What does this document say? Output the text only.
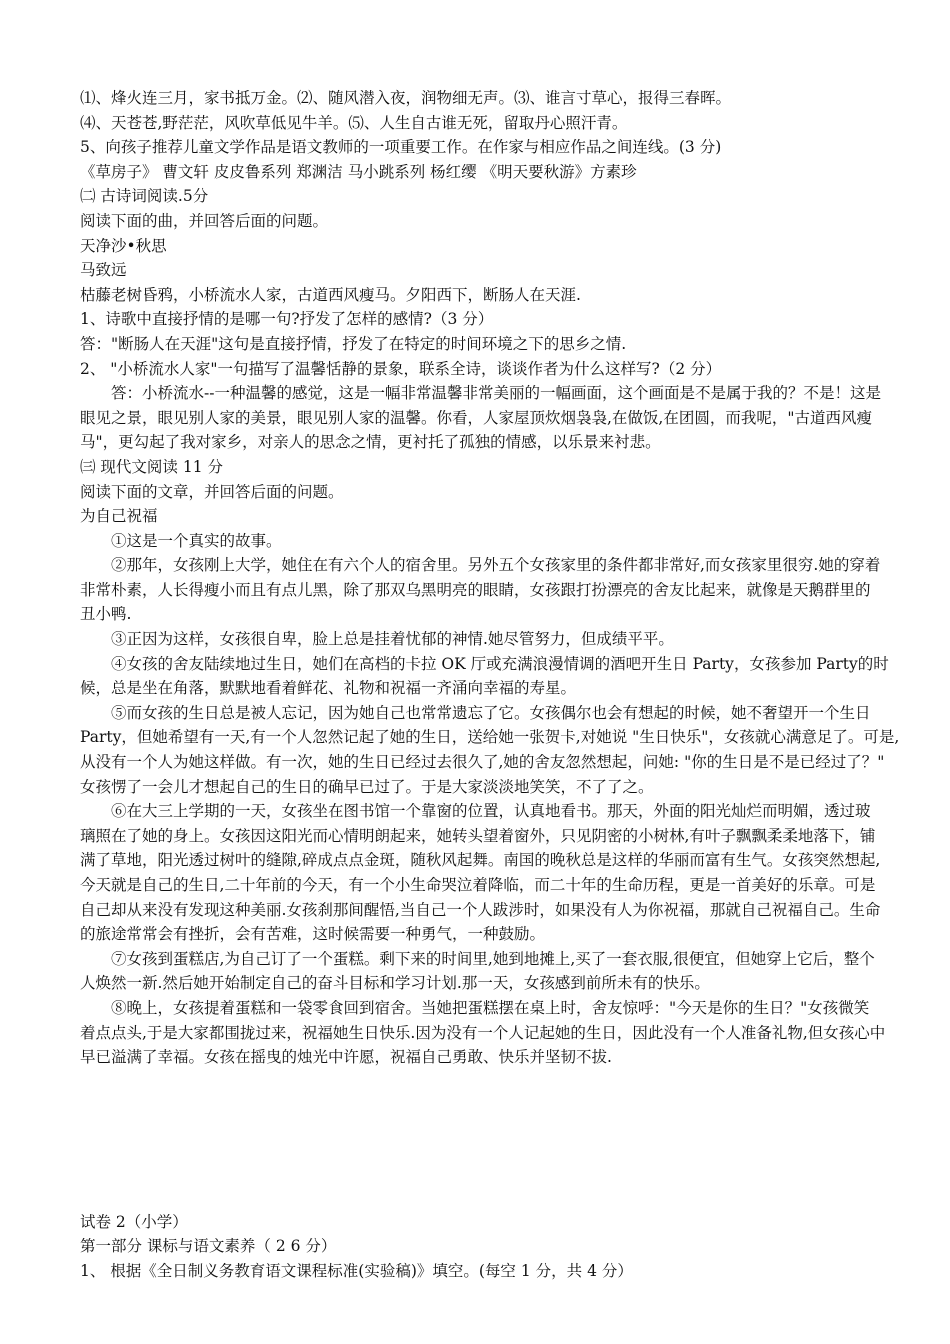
⑴、烽火连三月，家书抵万金。⑵、随风潜入夜，润物细无声。⑶、谁言寸草心，报得三春晖。

⑷、天苍苍,野茫茫，风吹草低见牛羊。⑸、人生自古谁无死，留取丹心照汗青。

5、向孩子推荐儿童文学作品是语文教师的一项重要工作。在作家与相应作品之间连线。(3 分)

《草房子》 曹文轩 皮皮鲁系列 郑渊洁 马小跳系列 杨红缨 《明天要秋游》方素珍

㈡ 古诗词阅读.5分

阅读下面的曲，并回答后面的问题。

天净沙•秋思

马致远

枯藤老树昏鸦，小桥流水人家，古道西风瘦马。夕阳西下，断肠人在天涯.

1、诗歌中直接抒情的是哪一句?抒发了怎样的感情?（3 分）

答："断肠人在天涯"这句是直接抒情，抒发了在特定的时间环境之下的思乡之情.

2、 "小桥流水人家"一句描写了温馨恬静的景象，联系全诗，谈谈作者为什么这样写?（2 分）

答：小桥流水--一种温馨的感觉，这是一幅非常温馨非常美丽的一幅画面，这个画面是不是属于我的？不是！这是

眼见之景，眼见别人家的美景，眼见别人家的温馨。你看，人家屋顶炊烟袅袅,在做饭,在团圆，而我呢，"古道西风瘦

马"，更勾起了我对家乡，对亲人的思念之情，更衬托了孤独的情感，以乐景来衬悲。

㈢ 现代文阅读 11 分

阅读下面的文章，并回答后面的问题。

为自己祝福

①这是一个真实的故事。

②那年，女孩刚上大学，她住在有六个人的宿舍里。另外五个女孩家里的条件都非常好,而女孩家里很穷.她的穿着

非常朴素，人长得瘦小而且有点儿黑，除了那双乌黑明亮的眼睛，女孩跟打扮漂亮的舍友比起来，就像是天鹅群里的

丑小鸭.

③正因为这样，女孩很自卑，脸上总是挂着忧郁的神情.她尽管努力，但成绩平平。

④女孩的舍友陆续地过生日，她们在高档的卡拉 OK 厅或充满浪漫情调的酒吧开生日 Party，女孩参加 Party的时

候，总是坐在角落，默默地看着鲜花、礼物和祝福一齐涌向幸福的寿星。

⑤而女孩的生日总是被人忘记，因为她自己也常常遗忘了它。女孩偶尔也会有想起的时候，她不奢望开一个生日

Party，但她希望有一天,有一个人忽然记起了她的生日，送给她一张贺卡,对她说 "生日快乐"，女孩就心满意足了。可是,

从没有一个人为她这样做。有一次，她的生日已经过去很久了,她的舍友忽然想起，问她: "你的生日是不是已经过了？"

女孩愣了一会儿才想起自己的生日的确早已过了。于是大家淡淡地笑笑，不了了之。

⑥在大三上学期的一天，女孩坐在图书馆一个靠窗的位置，认真地看书。那天，外面的阳光灿烂而明媚，透过玻

璃照在了她的身上。女孩因这阳光而心情明朗起来，她转头望着窗外，只见阴密的小树林,有叶子飘飘柔柔地落下，铺

满了草地，阳光透过树叶的缝隙,碎成点点金斑，随秋风起舞。南国的晚秋总是这样的华丽而富有生气。女孩突然想起,

今天就是自己的生日,二十年前的今天，有一个小生命哭泣着降临，而二十年的生命历程，更是一首美好的乐章。可是

自己却从来没有发现这种美丽.女孩刹那间醒悟,当自己一个人跋涉时，如果没有人为你祝福，那就自己祝福自己。生命

的旅途常常会有挫折，会有苦难，这时候需要一种勇气，一种鼓励。

⑦女孩到蛋糕店,为自己订了一个蛋糕。剩下来的时间里,她到地摊上,买了一套衣服,很便宜，但她穿上它后，整个

人焕然一新.然后她开始制定自己的奋斗目标和学习计划.那一天，女孩感到前所未有的快乐。

⑧晚上，女孩提着蛋糕和一袋零食回到宿舍。当她把蛋糕摆在桌上时，舍友惊呼："今天是你的生日？"女孩微笑

着点点头,于是大家都围拢过来，祝福她生日快乐.因为没有一个人记起她的生日，因此没有一个人准备礼物,但女孩心中

早已溢满了幸福。女孩在摇曳的烛光中许愿，祝福自己勇敢、快乐并坚韧不拔.

试卷 2（小学）

第一部分 课标与语文素养（ 2 6 分）

1、 根据《全日制义务教育语文课程标准(实验稿)》填空。(每空 1 分，共 4 分）
